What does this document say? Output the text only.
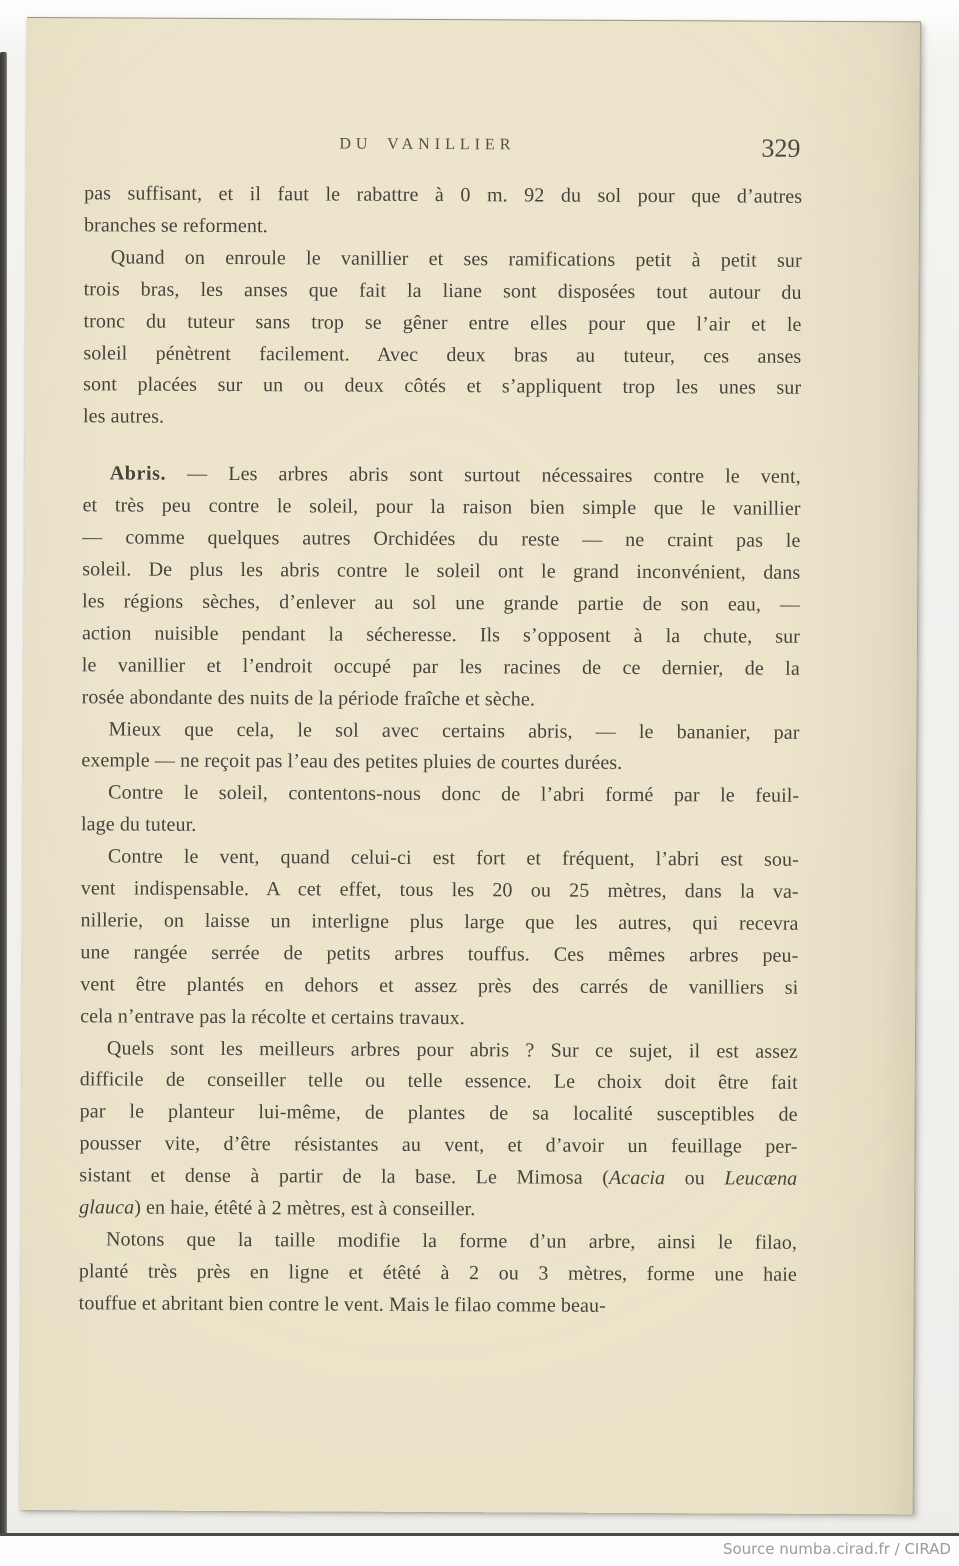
DU VANILLIER	329

pas suffisant, et il faut le rabattre à 0 m. 92 du sol pour que d’autres
branches se reforment.

Quand on enroule le vanillier et ses ramifications petit à petit sur
trois bras, les anses que fait la liane sont disposées tout autour du
tronc du tuteur sans trop se gêner entre elles pour que l’air et le
soleil pénètrent facilement. Avec deux bras au tuteur, ces anses
sont placées sur un ou deux côtés et s’appliquent trop les unes sur
les autres.

Abris. — Les arbres abris sont surtout nécessaires contre le vent,
et très peu contre le soleil, pour la raison bien simple que le vanillier
— comme quelques autres Orchidées du reste — ne craint pas le
soleil. De plus les abris contre le soleil ont le grand inconvénient, dans
les régions sèches, d’enlever au sol une grande partie de son eau, —
action nuisible pendant la sécheresse. Ils s’opposent à la chute, sur
le vanillier et l’endroit occupé par les racines de ce dernier, de la
rosée abondante des nuits de la période fraîche et sèche.

Mieux que cela, le sol avec certains abris, — le bananier, par
exemple — ne reçoit pas l’eau des petites pluies de courtes durées.

Contre le soleil, contentons-nous donc de l’abri formé par le feuil-
lage du tuteur.

Contre le vent, quand celui-ci est fort et fréquent, l’abri est sou-
vent indispensable. A cet effet, tous les 20 ou 25 mètres, dans la va-
nillerie, on laisse un interligne plus large que les autres, qui recevra
une rangée serrée de petits arbres touffus. Ces mêmes arbres peu-
vent être plantés en dehors et assez près des carrés de vanilliers si
cela n’entrave pas la récolte et certains travaux.

Quels sont les meilleurs arbres pour abris ? Sur ce sujet, il est assez
difficile de conseiller telle ou telle essence. Le choix doit être fait
par le planteur lui-même, de plantes de sa localité susceptibles de
pousser vite, d’être résistantes au vent, et d’avoir un feuillage per-
sistant et dense à partir de la base. Le Mimosa (Acacia ou Leucæna
glauca) en haie, étêté à 2 mètres, est à conseiller.

Notons que la taille modifie la forme d’un arbre, ainsi le filao,
planté très près en ligne et étêté à 2 ou 3 mètres, forme une haie
touffue et abritant bien contre le vent. Mais le filao comme beau-

Source numba.cirad.fr / CIRAD
